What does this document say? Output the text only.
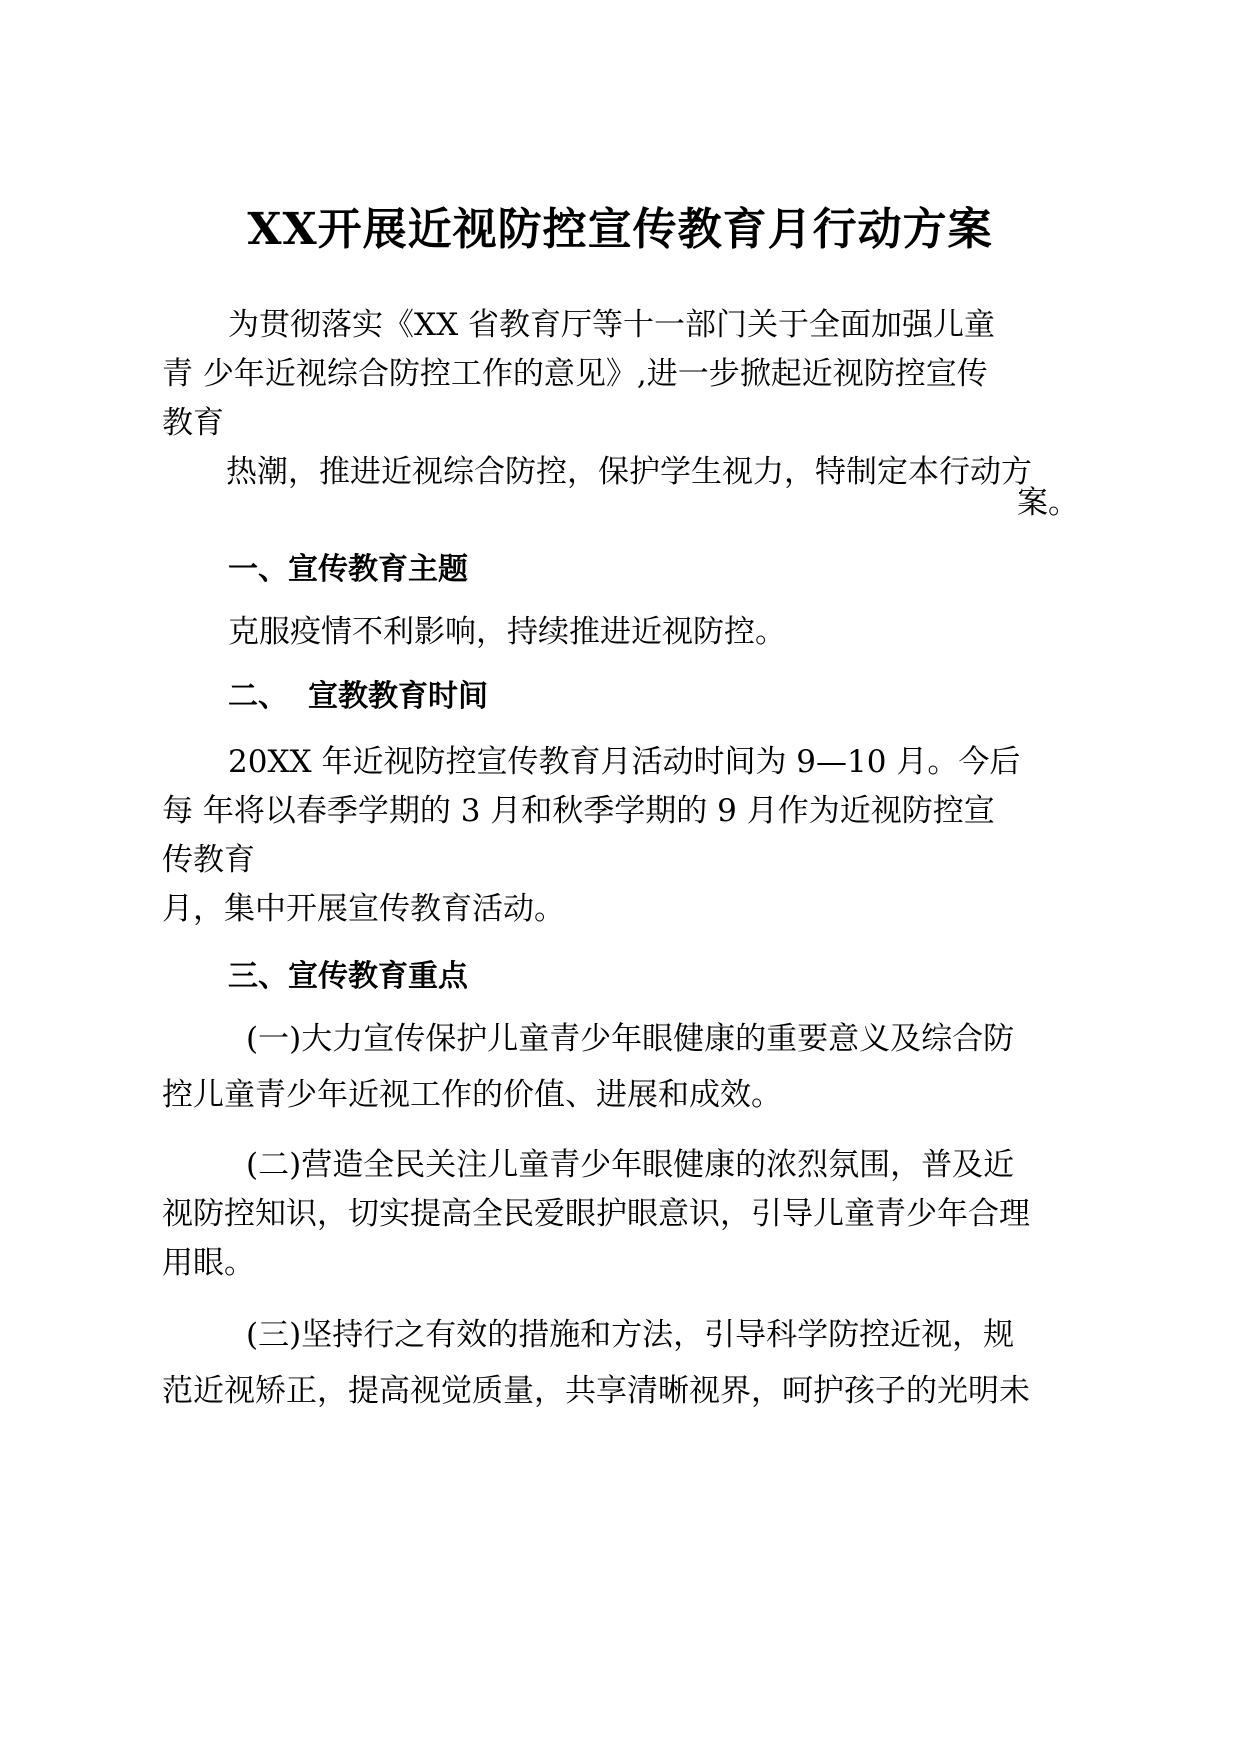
XX开展近视防控宣传教育月行动方案
为贯彻落实《XX 省教育厅等十一部门关于全面加强儿童
青 少年近视综合防控工作的意见》,进一步掀起近视防控宣传
教育
热潮，推进近视综合防控，保护学生视力，特制定本行动方
案。
一、宣传教育主题
克服疫情不利影响，持续推进近视防控。
二、 宣教教育时间
20XX 年近视防控宣传教育月活动时间为 9—10 月。今后
每 年将以春季学期的 3 月和秋季学期的 9 月作为近视防控宣
传教育
月，集中开展宣传教育活动。
三、宣传教育重点
(一)大力宣传保护儿童青少年眼健康的重要意义及综合防
控儿童青少年近视工作的价值、进展和成效。
(二)营造全民关注儿童青少年眼健康的浓烈氛围，普及近
视防控知识，切实提高全民爱眼护眼意识，引导儿童青少年合理
用眼。
(三)坚持行之有效的措施和方法，引导科学防控近视，规
范近视矫正，提高视觉质量，共享清晰视界，呵护孩子的光明未
